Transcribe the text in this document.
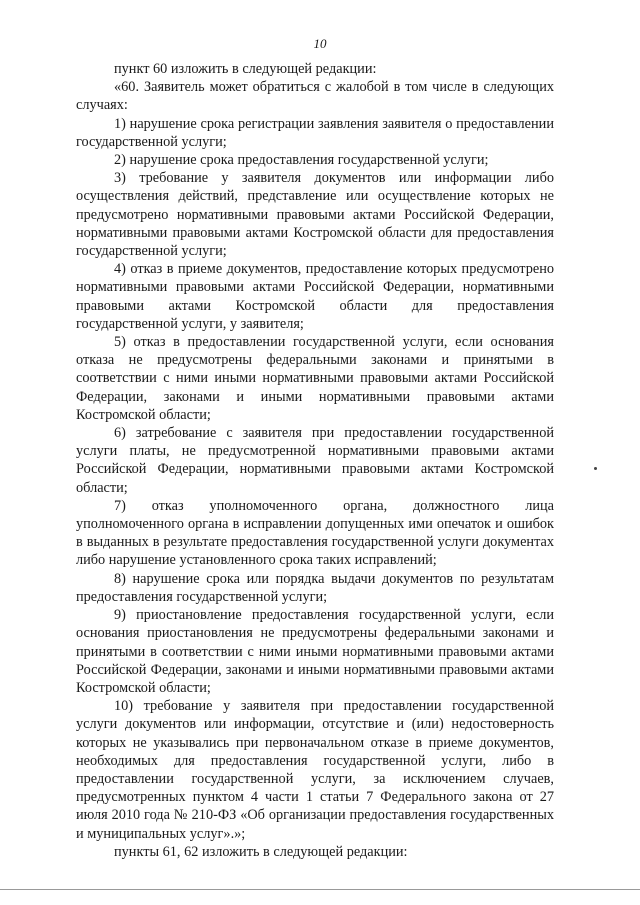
10

пункт 60 изложить в следующей редакции:

«60. Заявитель может обратиться с жалобой в том числе в следующих случаях:

1) нарушение срока регистрации заявления заявителя о предоставлении государственной услуги;

2) нарушение срока предоставления государственной услуги;

3) требование у заявителя документов или информации либо осуществления действий, представление или осуществление которых не предусмотрено нормативными правовыми актами Российской Федерации, нормативными правовыми актами Костромской области для предоставления государственной услуги;

4) отказ в приеме документов, предоставление которых предусмотрено нормативными правовыми актами Российской Федерации, нормативными правовыми актами Костромской области для предоставления государственной услуги, у заявителя;

5) отказ в предоставлении государственной услуги, если основания отказа не предусмотрены федеральными законами и принятыми в соответствии с ними иными нормативными правовыми актами Российской Федерации, законами и иными нормативными правовыми актами Костромской области;

6) затребование с заявителя при предоставлении государственной услуги платы, не предусмотренной нормативными правовыми актами Российской Федерации, нормативными правовыми актами Костромской области;

7) отказ уполномоченного органа, должностного лица уполномоченного органа в исправлении допущенных ими опечаток и ошибок в выданных в результате предоставления государственной услуги документах либо нарушение установленного срока таких исправлений;

8) нарушение срока или порядка выдачи документов по результатам предоставления государственной услуги;

9) приостановление предоставления государственной услуги, если основания приостановления не предусмотрены федеральными законами и принятыми в соответствии с ними иными нормативными правовыми актами Российской Федерации, законами и иными нормативными правовыми актами Костромской области;

10) требование у заявителя при предоставлении государственной услуги документов или информации, отсутствие и (или) недостоверность которых не указывались при первоначальном отказе в приеме документов, необходимых для предоставления государственной услуги, либо в предоставлении государственной услуги, за исключением случаев, предусмотренных пунктом 4 части 1 статьи 7 Федерального закона от 27 июля 2010 года № 210-ФЗ «Об организации предоставления государственных и муниципальных услуг».»;

пункты 61, 62 изложить в следующей редакции:
